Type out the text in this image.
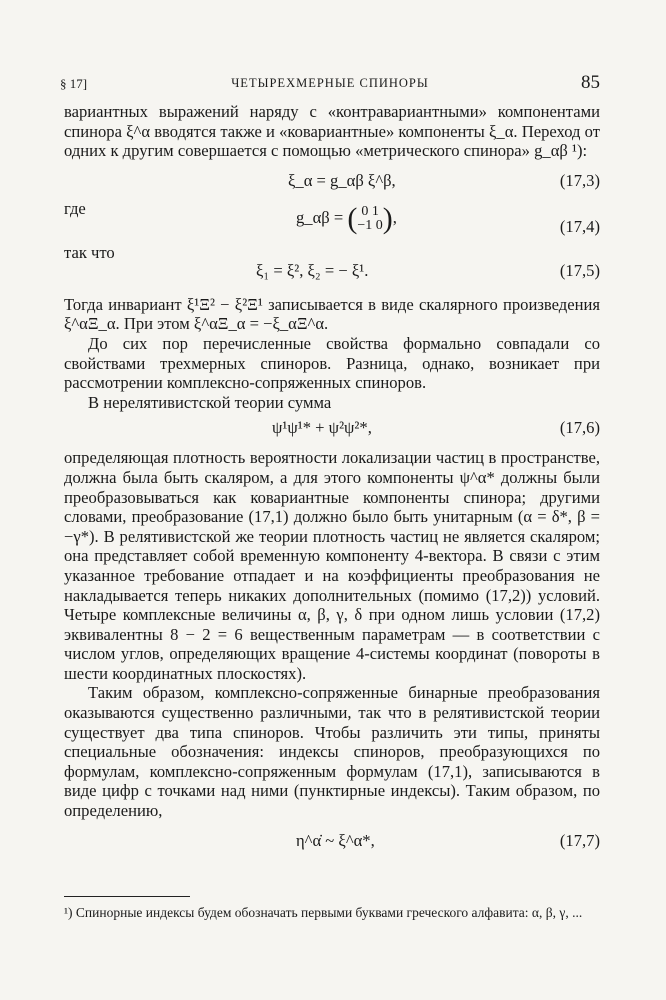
§ 17]	ЧЕТЫРЕХМЕРНЫЕ СПИНОРЫ	85

вариантных выражений наряду с «контравариантными» компонентами спинора ξ^α вводятся также и «ковариантные» компоненты ξ_α. Переход от одних к другим совершается с помощью «метрического спинора» g_αβ ¹):

ξ_α = g_αβ ξ^β,	(17,3)
где	g_αβ = ( 0 1
−1 0),	(17,4)
так что
ξ₁ = ξ², ξ₂ = − ξ¹.	(17,5)

Тогда инвариант ξ¹Ξ² − ξ²Ξ¹ записывается в виде скалярного произведения ξ^αΞ_α. При этом ξ^αΞ_α = −ξ_αΞ^α.

До сих пор перечисленные свойства формально совпадали со свойствами трехмерных спиноров. Разница, однако, возникает при рассмотрении комплексно-сопряженных спиноров.

В нерелятивистской теории сумма

ψ¹ψ¹* + ψ²ψ²*,	(17,6)

определяющая плотность вероятности локализации частиц в пространстве, должна была быть скаляром, а для этого компоненты ψ^α* должны были преобразовываться как ковариантные компоненты спинора; другими словами, преобразование (17,1) должно было быть унитарным (α = δ*, β = −γ*). В релятивистской же теории плотность частиц не является скаляром; она представляет собой временную компоненту 4-вектора. В связи с этим указанное требование отпадает и на коэффициенты преобразования не накладывается теперь никаких дополнительных (помимо (17,2)) условий. Четыре комплексные величины α, β, γ, δ при одном лишь условии (17,2) эквивалентны 8 − 2 = 6 вещественным параметрам — в соответствии с числом углов, определяющих вращение 4-системы координат (повороты в шести координатных плоскостях).

Таким образом, комплексно-сопряженные бинарные преобразования оказываются существенно различными, так что в релятивистской теории существует два типа спиноров. Чтобы различить эти типы, приняты специальные обозначения: индексы спиноров, преобразующихся по формулам, комплексно-сопряженным формулам (17,1), записываются в виде цифр с точками над ними (пунктирные индексы). Таким образом, по определению,

η^α̇ ~ ξ^α*,	(17,7)
¹) Спинорные индексы будем обозначать первыми буквами греческого алфавита: α, β, γ, ...
